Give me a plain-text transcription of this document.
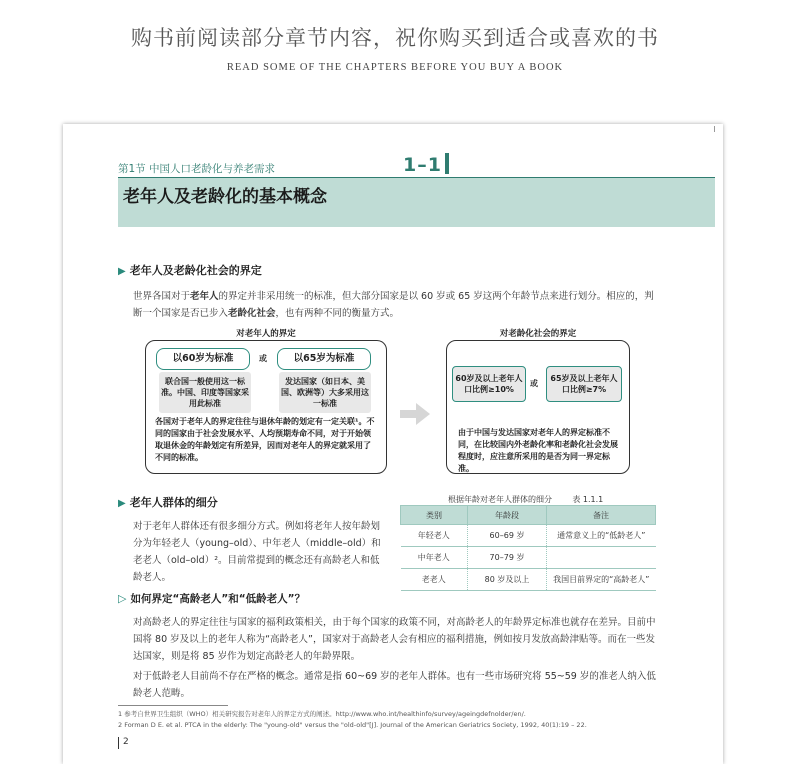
购书前阅读部分章节内容，祝你购买到适合或喜欢的书
READ SOME OF THE CHAPTERS BEFORE YOU BUY A BOOK
第1节 中国人口老龄化与养老需求	1–1
老年人及老龄化的基本概念
▶ 老年人及老龄化社会的界定
世界各国对于老年人的界定并非采用统一的标准，但大部分国家是以 60 岁或 65 岁这两个年龄节点来进行划分。相应的，判断一个国家是否已步入老龄化社会，也有两种不同的衡量方式。
对老年人的界定
以60岁为标准	或	以65岁为标准
联合国一般使用这一标准。中国、印度等国家采用此标准
发达国家（如日本、美国、欧洲等）大多采用这一标准
各国对于老年人的界定往往与退休年龄的划定有一定关联¹。不同的国家由于社会发展水平、人均预期寿命不同，对于开始领取退休金的年龄划定有所差异，因而对老年人的界定就采用了不同的标准。
对老龄化社会的界定
60岁及以上老年人口比例≥10%
或
65岁及以上老年人口比例≥7%
由于中国与发达国家对老年人的界定标准不同，在比较国内外老龄化率和老龄化社会发展程度时，应注意所采用的是否为同一界定标准。
▶ 老年人群体的细分
对于老年人群体还有很多细分方式。例如将老年人按年龄划分为年轻老人（young–old）、中年老人（middle–old）和老老人（old–old）²。目前常提到的概念还有高龄老人和低龄老人。
根据年龄对老年人群体的细分        表 1.1.1
类别	年龄段	备注
年轻老人	60–69 岁	通常意义上的“低龄老人”
中年老人	70–79 岁	
老老人	80 岁及以上	我国目前界定的“高龄老人”
▷ 如何界定“高龄老人”和“低龄老人”？
对高龄老人的界定往往与国家的福利政策相关，由于每个国家的政策不同，对高龄老人的年龄界定标准也就存在差异。目前中国将 80 岁及以上的老年人称为“高龄老人”，国家对于高龄老人会有相应的福利措施，例如按月发放高龄津贴等。而在一些发达国家，则是将 85 岁作为划定高龄老人的年龄界限。
对于低龄老人目前尚不存在严格的概念。通常是指 60~69 岁的老年人群体。也有一些市场研究将 55~59 岁的准老人纳入低龄老人范畴。
1 参考自世界卫生组织（WHO）相关研究报告对老年人的界定方式的阐述。http://www.who.int/healthinfo/survey/ageingdefnolder/en/.
2 Forman D E. et al. PTCA in the elderly: The "young-old" versus the "old-old"[J]. Journal of the American Geriatrics Society, 1992, 40(1):19 – 22.
2
